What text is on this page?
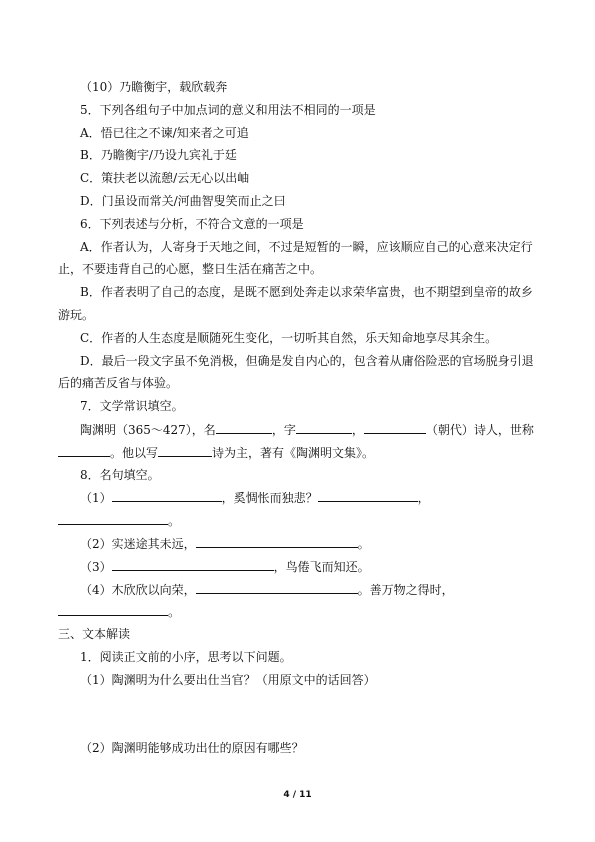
（10）乃瞻衡宇，载欣载奔
5．下列各组句子中加点词的意义和用法不相同的一项是
A．悟已往之不谏/知来者之可追
B．乃瞻衡宇/乃设九宾礼于廷
C．策扶老以流憩/云无心以出岫
D．门虽设而常关/河曲智叟笑而止之曰
6．下列表述与分析，不符合文意的一项是
A．作者认为，人寄身于天地之间，不过是短暂的一瞬，应该顺应自己的心意来决定行
止，不要违背自己的心愿，整日生活在痛苦之中。
B．作者表明了自己的态度，是既不愿到处奔走以求荣华富贵，也不期望到皇帝的故乡
游玩。
C．作者的人生态度是顺随死生变化，一切听其自然，乐天知命地享尽其余生。
D．最后一段文字虽不免消极，但确是发自内心的，包含着从庸俗险恶的官场脱身引退
后的痛苦反省与体验。
7．文学常识填空。
陶渊明（365～427），名	，字	，	（朝代）诗人，世称
。他以写	诗为主，著有《陶渊明文集》。
8．名句填空。
（1）	，奚惆怅而独悲？	，
。
（2）实迷途其未远，	。
（3）	，鸟倦飞而知还。
（4）木欣欣以向荣，	。善万物之得时，
。
三、文本解读
1．阅读正文前的小序，思考以下问题。
（1）陶渊明为什么要出仕当官？（用原文中的话回答）
（2）陶渊明能够成功出仕的原因有哪些？
4 / 11
